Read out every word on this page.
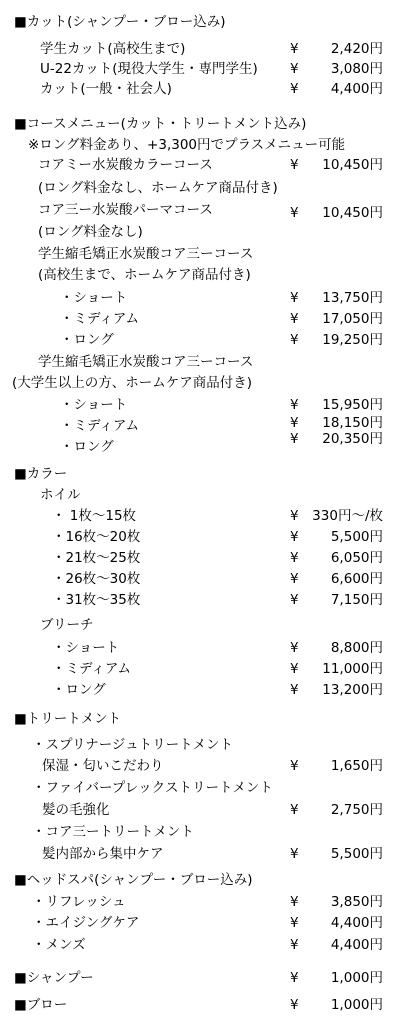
■カット(シャンプー・ブロー込み)
学生カット(高校生まで)	¥ 2,420円
U-22カット(現役大学生・専門学生) ¥ 3,080円
カット(一般・社会人)	¥ 4,400円
■コースメニュー(カット・トリートメント込み)
※ロング料金あり、+3,300円でプラスメニュー可能
コアミー水炭酸カラーコース	¥ 10,450円
(ロング料金なし、ホームケア商品付き)
コア三ー水炭酸パーマコース	¥ 10,450円
(ロング料金なし)
学生縮毛矯正水炭酸コア三ーコース
(高校生まで、ホームケア商品付き)
・ショート	¥ 13,750円
・ミディアム	¥ 17,050円
・ロング	¥ 19,250円
学生縮毛矯正水炭酸コア三ーコース
(大学生以上の方、ホームケア商品付き)
・ショート	¥ 15,950円
・ミディアム	¥ 18,150円
・ロング	¥ 20,350円
■カラー
ホイル
・ 1枚～15枚	¥ 330円～/枚
・16枚～20枚	¥ 5,500円
・21枚～25枚	¥ 6,050円
・26枚～30枚	¥ 6,600円
・31枚～35枚	¥ 7,150円
ブリーチ
・ショート	¥ 8,800円
・ミディアム	¥ 11,000円
・ロング	¥ 13,200円
■トリートメント
・スプリナージュトリートメント
保湿・匂いこだわり	¥ 1,650円
・ファイバープレックストリートメント
髪の毛強化	¥ 2,750円
・コア三ートリートメント
髪内部から集中ケア	¥ 5,500円
■ヘッドスパ(シャンプー・ブロー込み)
・リフレッシュ	¥ 3,850円
・エイジングケア	¥ 4,400円
・メンズ	¥ 4,400円
■シャンプー	¥ 1,000円
■ブロー	¥ 1,000円
